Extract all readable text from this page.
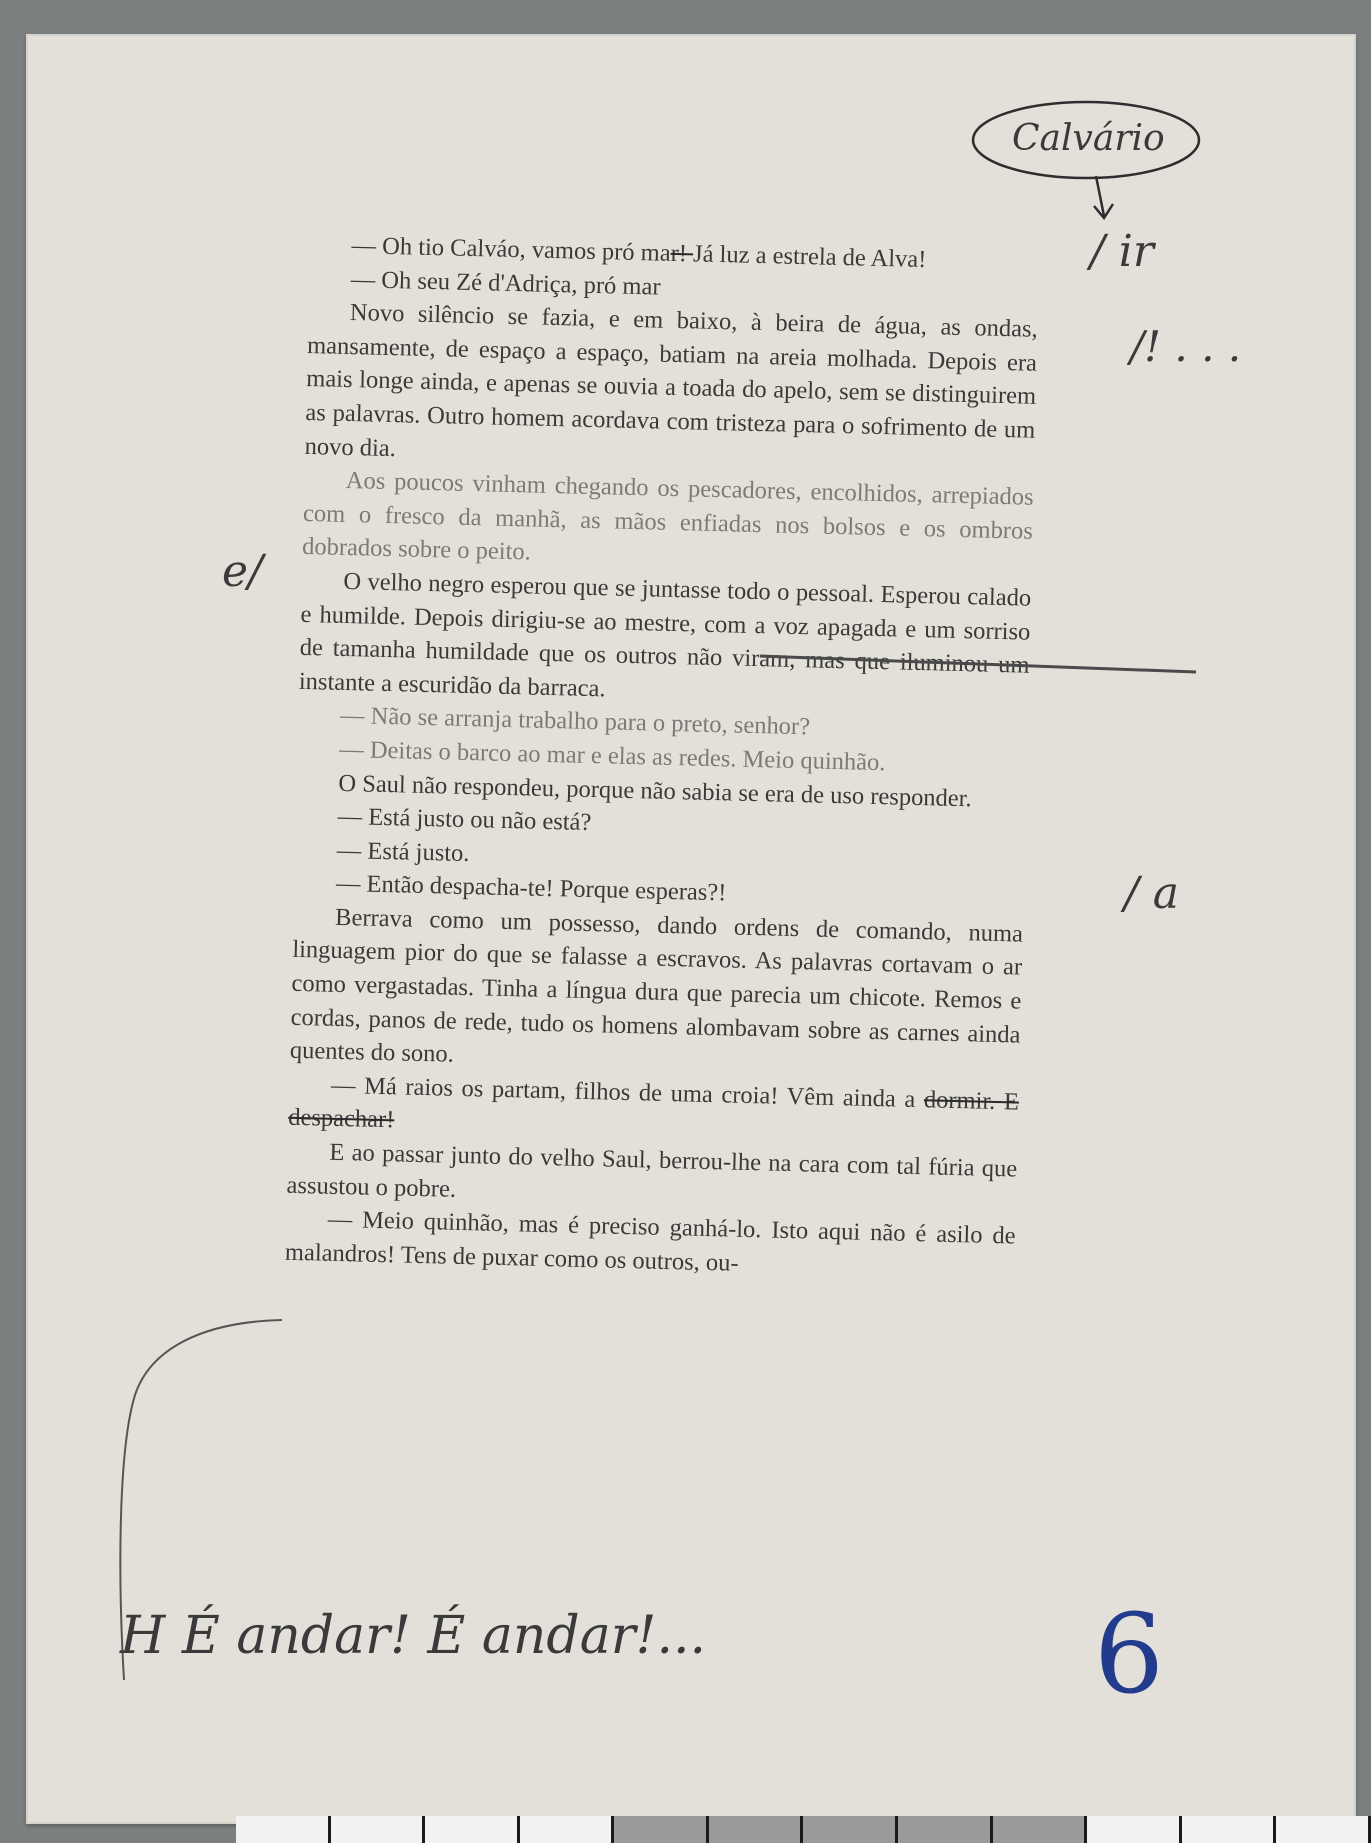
— Oh tio Calváo, vamos pró mar! Já luz a estrela de Alva!

— Oh seu Zé d'Adriça, pró mar

Novo silêncio se fazia, e em baixo, à beira de água, as ondas, mansamente, de espaço a espaço, batiam na areia molhada. Depois era mais longe ainda, e apenas se ouvia a toada do apelo, sem se distinguirem as palavras. Outro homem acordava com tristeza para o sofrimento de um novo dia.

Aos poucos vinham chegando os pescadores, encolhidos, arrepiados com o fresco da manhã, as mãos enfiadas nos bolsos e os ombros dobrados sobre o peito.

O velho negro esperou que se juntasse todo o pessoal. Esperou calado e humilde. Depois dirigiu-se ao mestre, com a voz apagada e um sorriso de tamanha humildade que os outros não viram, mas que iluminou um instante a escuridão da barraca.

— Não se arranja trabalho para o preto, senhor?

— Deitas o barco ao mar e elas as redes. Meio quinhão.

O Saul não respondeu, porque não sabia se era de uso responder.

— Está justo ou não está?

— Está justo.

— Então despacha-te! Porque esperas?!

Berrava como um possesso, dando ordens de comando, numa linguagem pior do que se falasse a escravos. As palavras cortavam o ar como vergastadas. Tinha a língua dura que parecia um chicote. Remos e cordas, panos de rede, tudo os homens alombavam sobre as carnes ainda quentes do sono.

— Má raios os partam, filhos de uma croia! Vêm ainda a dormir. E despachar!

E ao passar junto do velho Saul, berrou-lhe na cara com tal fúria que assustou o pobre.

— Meio quinhão, mas é preciso ganhá-lo. Isto aqui não é asilo de malandros! Tens de puxar como os outros, ou-

Calvário
/ ir
/! . . .
e/
/ a
H É andar! É andar!...	6
